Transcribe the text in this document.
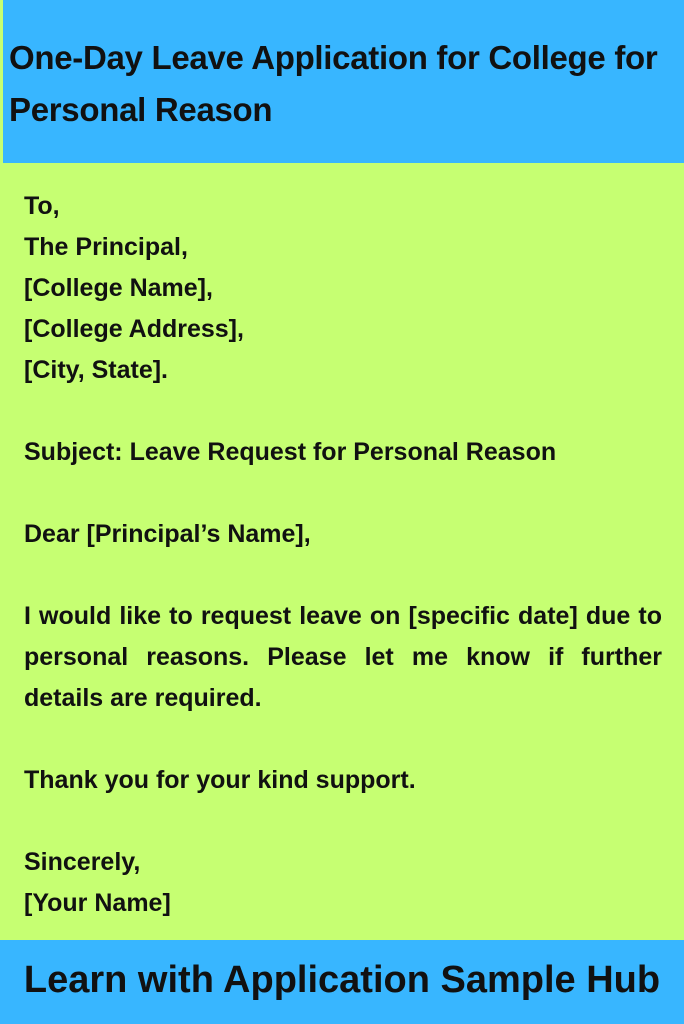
One-Day Leave Application for College for Personal Reason
To,
The Principal,
[College Name],
[College Address],
[City, State].
Subject: Leave Request for Personal Reason
Dear [Principal’s Name],
I would like to request leave on [specific date] due to personal reasons. Please let me know if further details are required.
Thank you for your kind support.
Sincerely,
[Your Name]
Learn with Application Sample Hub
